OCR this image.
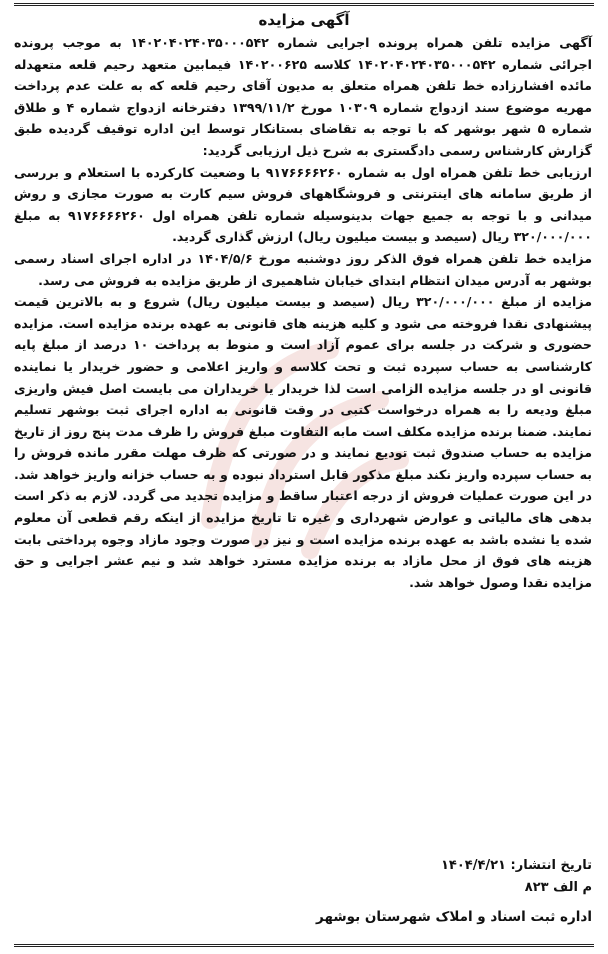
آگهی مزایده

آگهی مزایده تلفن همراه پرونده اجرایی شماره ۱۴۰۲۰۴۰۲۴۰۳۵۰۰۰۵۴۲ به موجب پرونده اجرائی شماره ۱۴۰۲۰۴۰۲۴۰۳۵۰۰۰۵۴۲ کلاسه ۱۴۰۲۰۰۶۲۵ فیمابین متعهد رحیم قلعه متعهدله مائده افشارزاده خط تلفن همراه متعلق به مدیون آقای رحیم قلعه که به علت عدم پرداخت مهریه موضوع سند ازدواج شماره ۱۰۳۰۹ مورخ ۱۳۹۹/۱۱/۲ دفترخانه ازدواج شماره ۴ و طلاق شماره ۵ شهر بوشهر که با توجه به تقاضای بستانکار توسط این اداره توقیف گردیده طبق گزارش کارشناس رسمی دادگستری به شرح ذیل ارزیابی گردید:

ارزیابی خط تلفن همراه اول به شماره ۹۱۷۶۶۶۶۲۶۰ با وضعیت کارکرده با استعلام و بررسی از طریق سامانه های اینترنتی و فروشگاههای فروش سیم کارت به صورت مجازی و روش میدانی و با توجه به جمیع جهات بدینوسیله شماره تلفن همراه اول ۹۱۷۶۶۶۶۲۶۰ به مبلغ ۳۲۰/۰۰۰/۰۰۰ ریال (سیصد و بیست میلیون ریال) ارزش گذاری گردید.

مزایده خط تلفن همراه فوق الذکر روز دوشنبه مورخ ۱۴۰۴/۵/۶ در اداره اجرای اسناد رسمی بوشهر به آدرس میدان انتظام ابتدای خیابان شاهمیری از طریق مزایده به فروش می رسد.

مزایده از مبلغ ۳۲۰/۰۰۰/۰۰۰ ریال (سیصد و بیست میلیون ریال) شروع و به بالاترین قیمت پیشنهادی نقدا فروخته می شود و کلیه هزینه های قانونی به عهده برنده مزایده است. مزایده حضوری و شرکت در جلسه برای عموم آزاد است و منوط به پرداخت ۱۰ درصد از مبلغ پایه کارشناسی به حساب سپرده ثبت و تحت کلاسه و واریز اعلامی و حضور خریدار یا نماینده قانونی او در جلسه مزایده الزامی است لذا خریدار یا خریداران می بایست اصل فیش واریزی مبلغ ودیعه را به همراه درخواست کتبی در وقت قانونی به اداره اجرای ثبت بوشهر تسلیم نمایند. ضمنا برنده مزایده مکلف است مابه التفاوت مبلغ فروش را ظرف مدت پنج روز از تاریخ مزایده به حساب صندوق ثبت تودیع نمایند و در صورتی که ظرف مهلت مقرر مانده فروش را به حساب سپرده واریز نکند مبلغ مذکور قابل استرداد نبوده و به حساب خزانه واریز خواهد شد. در این صورت عملیات فروش از درجه اعتبار ساقط و مزایده تجدید می گردد. لازم به ذکر است بدهی های مالیاتی و عوارض شهرداری و غیره تا تاریخ مزایده از اینکه رقم قطعی آن معلوم شده یا نشده باشد به عهده برنده مزایده است و نیز در صورت وجود مازاد وجوه پرداختی بابت هزینه های فوق از محل مازاد به برنده مزایده مسترد خواهد شد و نیم عشر اجرایی و حق مزایده نقدا وصول خواهد شد.

تاریخ انتشار: ۱۴۰۴/۴/۲۱
م الف ۸۲۳
اداره ثبت اسناد و املاک شهرستان بوشهر
